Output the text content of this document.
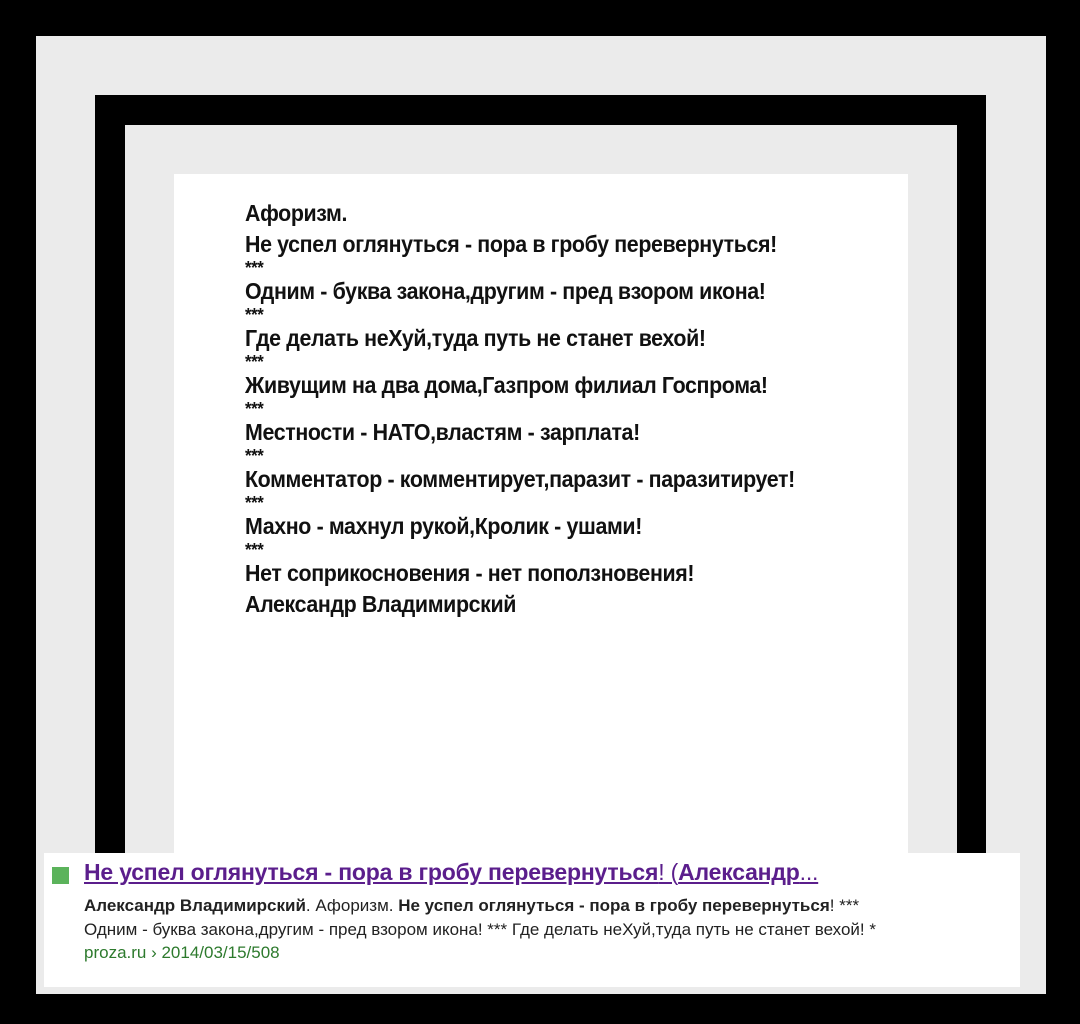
Афоризм.
Не успел оглянуться - пора в гробу перевернуться!
***
Одним - буква закона,другим - пред взором икона!
***
Где делать неХуй,туда путь не станет вехой!
***
Живущим на два дома,Газпром филиал Госпрома!
***
Местности - НАТО,властям - зарплата!
***
Комментатор - комментирует,паразит - паразитирует!
***
Махно - махнул рукой,Кролик - ушами!
***
Нет соприкосновения - нет поползновения!
Александр Владимирский
Не успел оглянуться - пора в гробу перевернуться! (Александр...
Александр Владимирский. Афоризм. Не успел оглянуться - пора в гробу перевернуться! ***
Одним - буква закона,другим - пред взором икона! *** Где делать неХуй,туда путь не станет вехой! *
proza.ru › 2014/03/15/508
